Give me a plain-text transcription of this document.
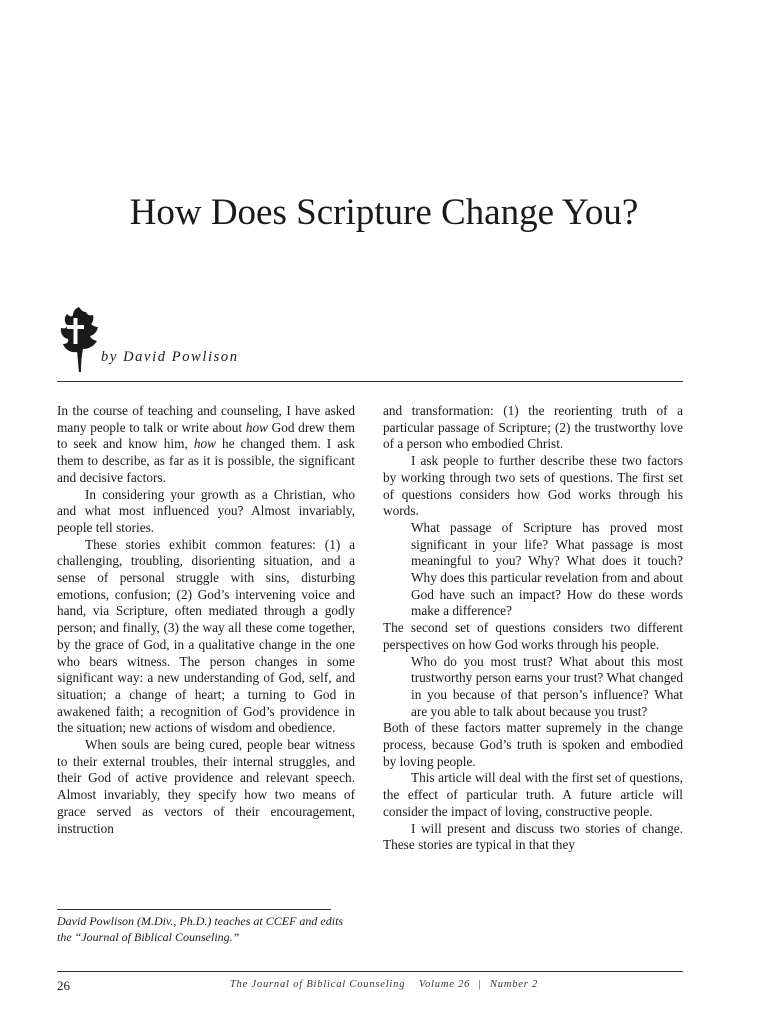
How Does Scripture Change You?
by David Powlison

In the course of teaching and counseling, I have asked many people to talk or write about how God drew them to seek and know him, how he changed them. I ask them to describe, as far as it is possible, the significant and decisive factors.

In considering your growth as a Christian, who and what most influenced you? Almost invariably, people tell stories.

These stories exhibit common features: (1) a challenging, troubling, disorienting situation, and a sense of personal struggle with sins, disturbing emotions, confusion; (2) God’s intervening voice and hand, via Scripture, often mediated through a godly person; and finally, (3) the way all these come together, by the grace of God, in a qualitative change in the one who bears witness. The person changes in some significant way: a new understanding of God, self, and situation; a change of heart; a turning to God in awakened faith; a recognition of God’s providence in the situation; new actions of wisdom and obedience.

When souls are being cured, people bear witness to their external troubles, their internal struggles, and their God of active providence and relevant speech. Almost invariably, they specify how two means of grace served as vectors of their encouragement, instruction

and transformation: (1) the reorienting truth of a particular passage of Scripture; (2) the trustworthy love of a person who embodied Christ.

I ask people to further describe these two factors by working through two sets of questions. The first set of questions considers how God works through his words.

What passage of Scripture has proved most significant in your life? What passage is most meaningful to you? Why? What does it touch? Why does this particular revelation from and about God have such an impact? How do these words make a difference?

The second set of questions considers two different perspectives on how God works through his people.

Who do you most trust? What about this most trustworthy person earns your trust? What changed in you because of that person’s influence? What are you able to talk about because you trust?

Both of these factors matter supremely in the change process, because God’s truth is spoken and embodied by loving people.

This article will deal with the first set of questions, the effect of particular truth. A future article will consider the impact of loving, constructive people.

I will present and discuss two stories of change. These stories are typical in that they

David Powlison (M.Div., Ph.D.) teaches at CCEF and edits the “Journal of Biblical Counseling.”
26	The Journal of Biblical Counseling Volume 26 | Number 2
